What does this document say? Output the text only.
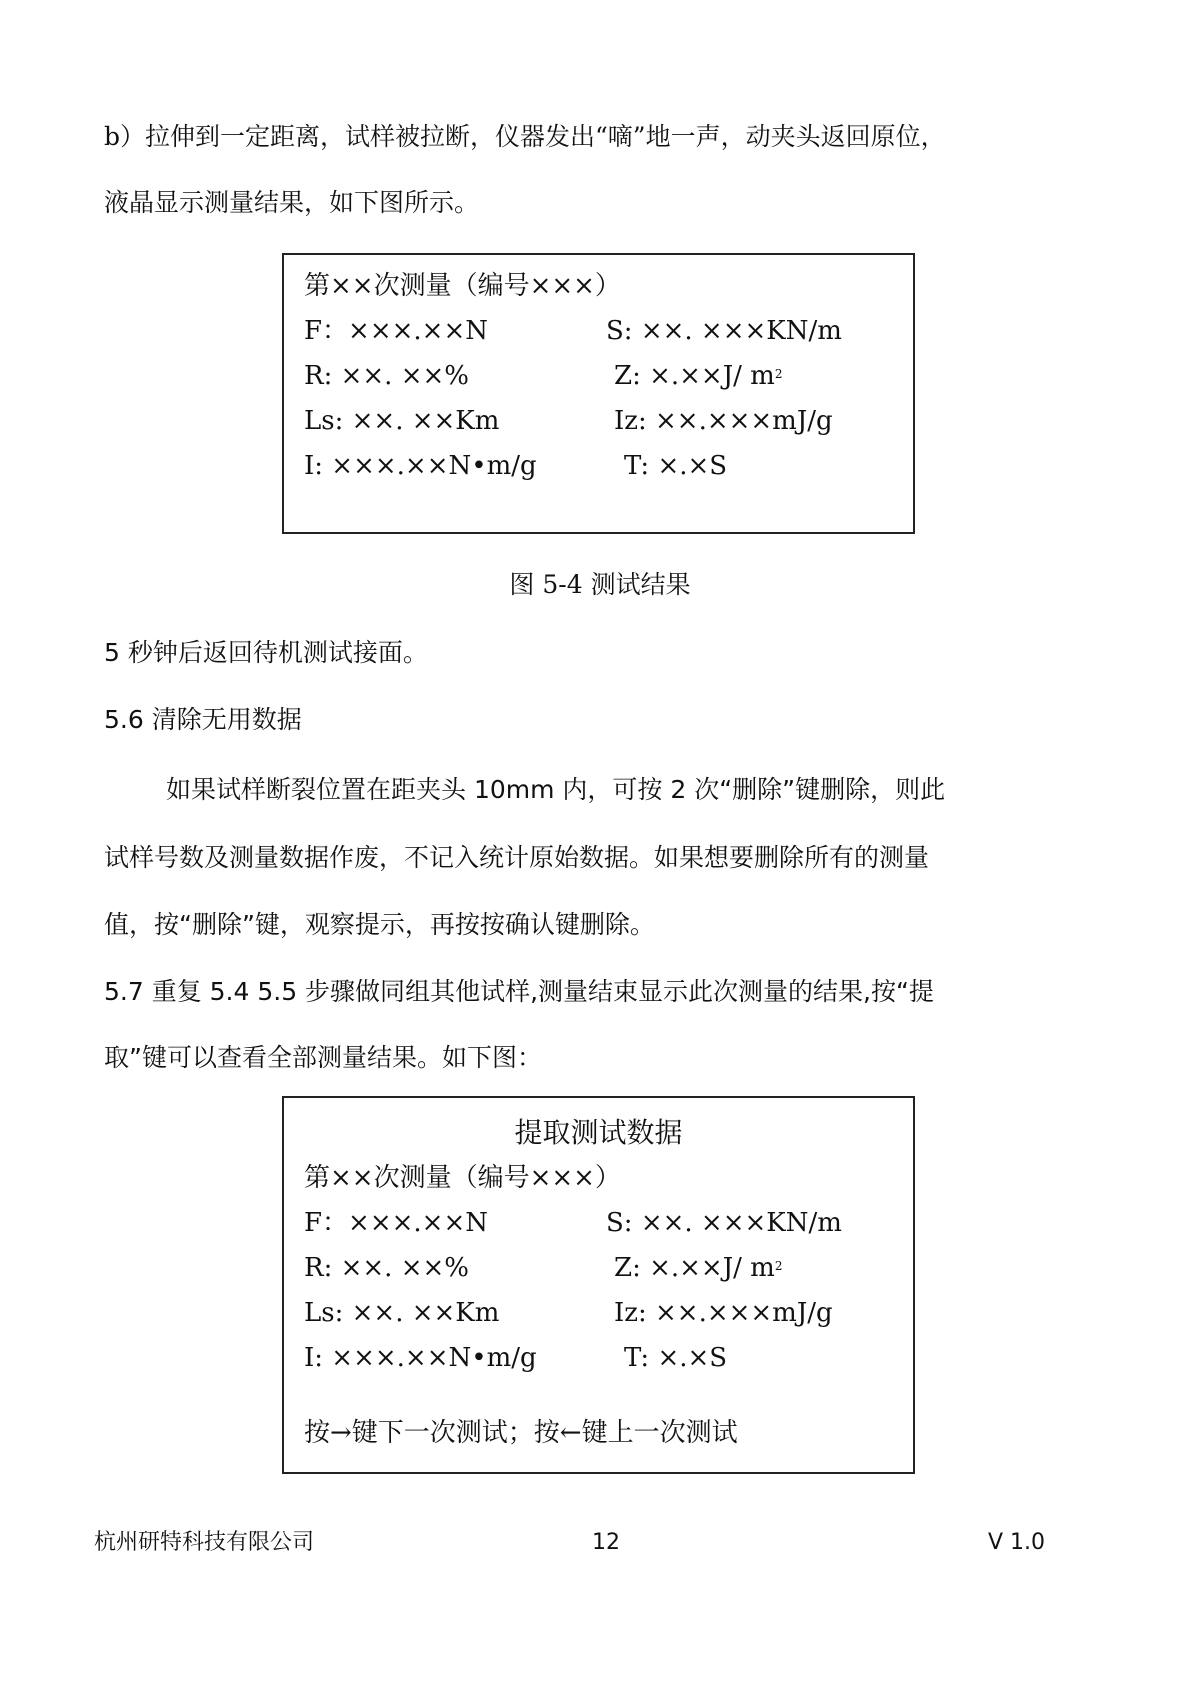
b）拉伸到一定距离，试样被拉断，仪器发出“嘀”地一声，动夹头返回原位，
液晶显示测量结果，如下图所示。
第××次测量（编号×××）
F：×××.××N	S: ××. ×××KN/m
R: ××. ××%	Z: ×.××J/ $m^2$
Ls: ××. ××Km	Iz: ××.×××mJ/g
I: ×××.××N•m/g	T: ×.×S
图 5-4 测试结果
5 秒钟后返回待机测试接面。
5.6 清除无用数据
如果试样断裂位置在距夹头 10mm 内，可按 2 次“删除”键删除，则此
试样号数及测量数据作废，不记入统计原始数据。如果想要删除所有的测量
值，按“删除”键，观察提示，再按按确认键删除。
5.7 重复 5.4 5.5 步骤做同组其他试样,测量结束显示此次测量的结果,按“提
取”键可以查看全部测量结果。如下图：
提取测试数据
第××次测量（编号×××）
F：×××.××N	S: ××. ×××KN/m
R: ××. ××%	Z: ×.××J/ $m^2$
Ls: ××. ××Km	Iz: ××.×××mJ/g
I: ×××.××N•m/g	T: ×.×S
按→键下一次测试；按←键上一次测试
杭州研特科技有限公司	12	V 1.0
